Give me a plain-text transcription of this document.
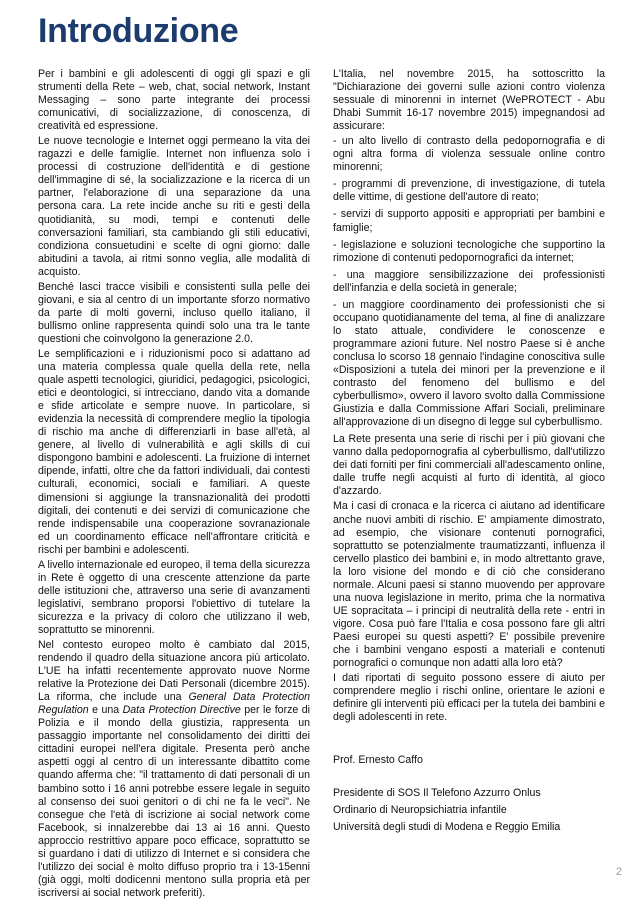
Introduzione

Per i bambini e gli adolescenti di oggi gli spazi e gli strumenti della Rete – web, chat, social network, Instant Messaging – sono parte integrante dei processi comunicativi, di socializzazione, di conoscenza, di creatività ed espressione.

Le nuove tecnologie e Internet oggi permeano la vita dei ragazzi e delle famiglie. Internet non influenza solo i processi di costruzione dell'identità e di gestione dell'immagine di sé, la socializzazione e la ricerca di un partner, l'elaborazione di una separazione da una persona cara. La rete incide anche su riti e gesti della quotidianità, su modi, tempi e contenuti delle conversazioni familiari, sta cambiando gli stili educativi, condiziona consuetudini e scelte di ogni giorno: dalle abitudini a tavola, ai ritmi sonno veglia, alle modalità di acquisto.

Benché lasci tracce visibili e consistenti sulla pelle dei giovani, e sia al centro di un importante sforzo normativo da parte di molti governi, incluso quello italiano, il bullismo online rappresenta quindi solo una tra le tante questioni che coinvolgono la generazione 2.0.

Le semplificazioni e i riduzionismi poco si adattano ad una materia complessa quale quella della rete, nella quale aspetti tecnologici, giuridici, pedagogici, psicologici, etici e deontologici, si intrecciano, dando vita a domande e sfide articolate e sempre nuove. In particolare, si evidenzia la necessità di comprendere meglio la tipologia di rischio ma anche di differenziarli in base all'età, al genere, al livello di vulnerabilità e agli skills di cui dispongono bambini e adolescenti. La fruizione di internet dipende, infatti, oltre che da fattori individuali, dai contesti culturali, economici, sociali e familiari. A queste dimensioni si aggiunge la transnazionalità dei prodotti digitali, dei contenuti e dei servizi di comunicazione che rende indispensabile una cooperazione sovranazionale ed un coordinamento efficace nell'affrontare criticità e rischi per bambini e adolescenti.

A livello internazionale ed europeo, il tema della sicurezza in Rete è oggetto di una crescente attenzione da parte delle istituzioni che, attraverso una serie di avanzamenti legislativi, sembrano proporsi l'obiettivo di tutelare la sicurezza e la privacy di coloro che utilizzano il web, soprattutto se minorenni.

Nel contesto europeo molto è cambiato dal 2015, rendendo il quadro della situazione ancora più articolato. L'UE ha infatti recentemente approvato nuove Norme relative la Protezione dei Dati Personali (dicembre 2015). La riforma, che include una General Data Protection Regulation e una Data Protection Directive per le forze di Polizia e il mondo della giustizia, rappresenta un passaggio importante nel consolidamento dei diritti dei cittadini europei nell'era digitale. Presenta però anche aspetti oggi al centro di un interessante dibattito come quando afferma che: "il trattamento di dati personali di un bambino sotto i 16 anni potrebbe essere legale in seguito al consenso dei suoi genitori o di chi ne fa le veci". Ne consegue che l'età di iscrizione ai social network come Facebook, si innalzerebbe dai 13 ai 16 anni. Questo approccio restrittivo appare poco efficace, soprattutto se si guardano i dati di utilizzo di Internet e si considera che l'utilizzo dei social è molto diffuso proprio tra i 13-15enni (già oggi, molti dodicenni mentono sulla propria età per iscriversi ai social network preferiti).

L'Italia, nel novembre 2015, ha sottoscritto la "Dichiarazione dei governi sulle azioni contro violenza sessuale di minorenni in internet (WePROTECT - Abu Dhabi Summit 16-17 novembre 2015) impegnandosi ad assicurare:

- un alto livello di contrasto della pedopornografia e di ogni altra forma di violenza sessuale online contro minorenni;

- programmi di prevenzione, di investigazione, di tutela delle vittime, di gestione dell'autore di reato;

- servizi di supporto appositi e appropriati per bambini e famiglie;

- legislazione e soluzioni tecnologiche che supportino la rimozione di contenuti pedopornografici da internet;

- una maggiore sensibilizzazione dei professionisti dell'infanzia e della società in generale;

- un maggiore coordinamento dei professionisti che si occupano quotidianamente del tema, al fine di analizzare lo stato attuale, condividere le conoscenze e programmare azioni future. Nel nostro Paese si è anche conclusa lo scorso 18 gennaio l'indagine conoscitiva sulle «Disposizioni a tutela dei minori per la prevenzione e il contrasto del fenomeno del bullismo e del cyberbullismo», ovvero il lavoro svolto dalla Commissione Giustizia e dalla Commissione Affari Sociali, preliminare all'approvazione di un disegno di legge sul cyberbullismo.

La Rete presenta una serie di rischi per i più giovani che vanno dalla pedopornografia al cyberbullismo, dall'utilizzo dei dati forniti per fini commerciali all'adescamento online, dalle truffe negli acquisti al furto di identità, al gioco d'azzardo.

Ma i casi di cronaca e la ricerca ci aiutano ad identificare anche nuovi ambiti di rischio. E' ampiamente dimostrato, ad esempio, che visionare contenuti pornografici, soprattutto se potenzialmente traumatizzanti, influenza il cervello plastico dei bambini e, in modo altrettanto grave, la loro visione del mondo e di ciò che considerano normale. Alcuni paesi si stanno muovendo per approvare una nuova legislazione in merito, prima che la normativa UE sopracitata – i principi di neutralità della rete - entri in vigore. Cosa può fare l'Italia e cosa possono fare gli altri Paesi europei su questi aspetti? E' possibile prevenire che i bambini vengano esposti a materiali e contenuti pornografici o comunque non adatti alla loro età?

I dati riportati di seguito possono essere di aiuto per comprendere meglio i rischi online, orientare le azioni e definire gli interventi più efficaci per la tutela dei bambini e degli adolescenti in rete.

Prof. Ernesto Caffo

Presidente di SOS Il Telefono Azzurro Onlus

Ordinario di Neuropsichiatria infantile

Università degli studi di Modena e Reggio Emilia

2
